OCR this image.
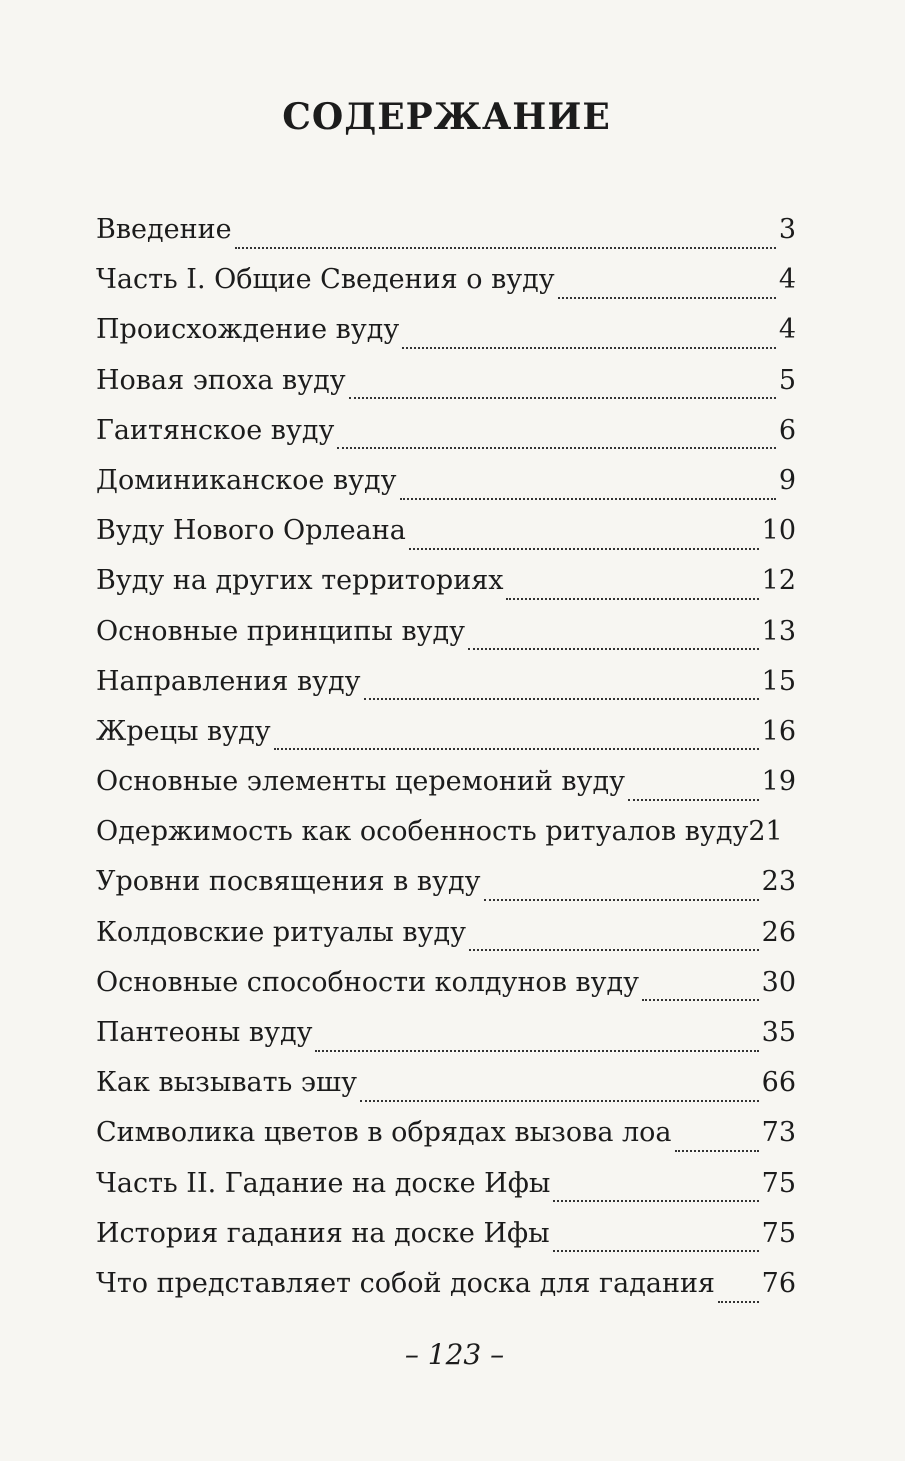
СОДЕРЖАНИЕ
Введение	3
Часть I. Общие Сведения о вуду	4
Происхождение вуду	4
Новая эпоха вуду	5
Гаитянское вуду	6
Доминиканское вуду	9
Вуду Нового Орлеана	10
Вуду на других территориях	12
Основные принципы вуду	13
Направления вуду	15
Жрецы вуду	16
Основные элементы церемоний вуду	19
Одержимость как особенность ритуалов вуду 21
Уровни посвящения в вуду	23
Колдовские ритуалы вуду	26
Основные способности колдунов вуду	30
Пантеоны вуду	35
Как вызывать эшу	66
Символика цветов в обрядах вызова лоа	73
Часть II. Гадание на доске Ифы	75
История гадания на доске Ифы	75
Что представляет собой доска для гадания 76
– 123 –
